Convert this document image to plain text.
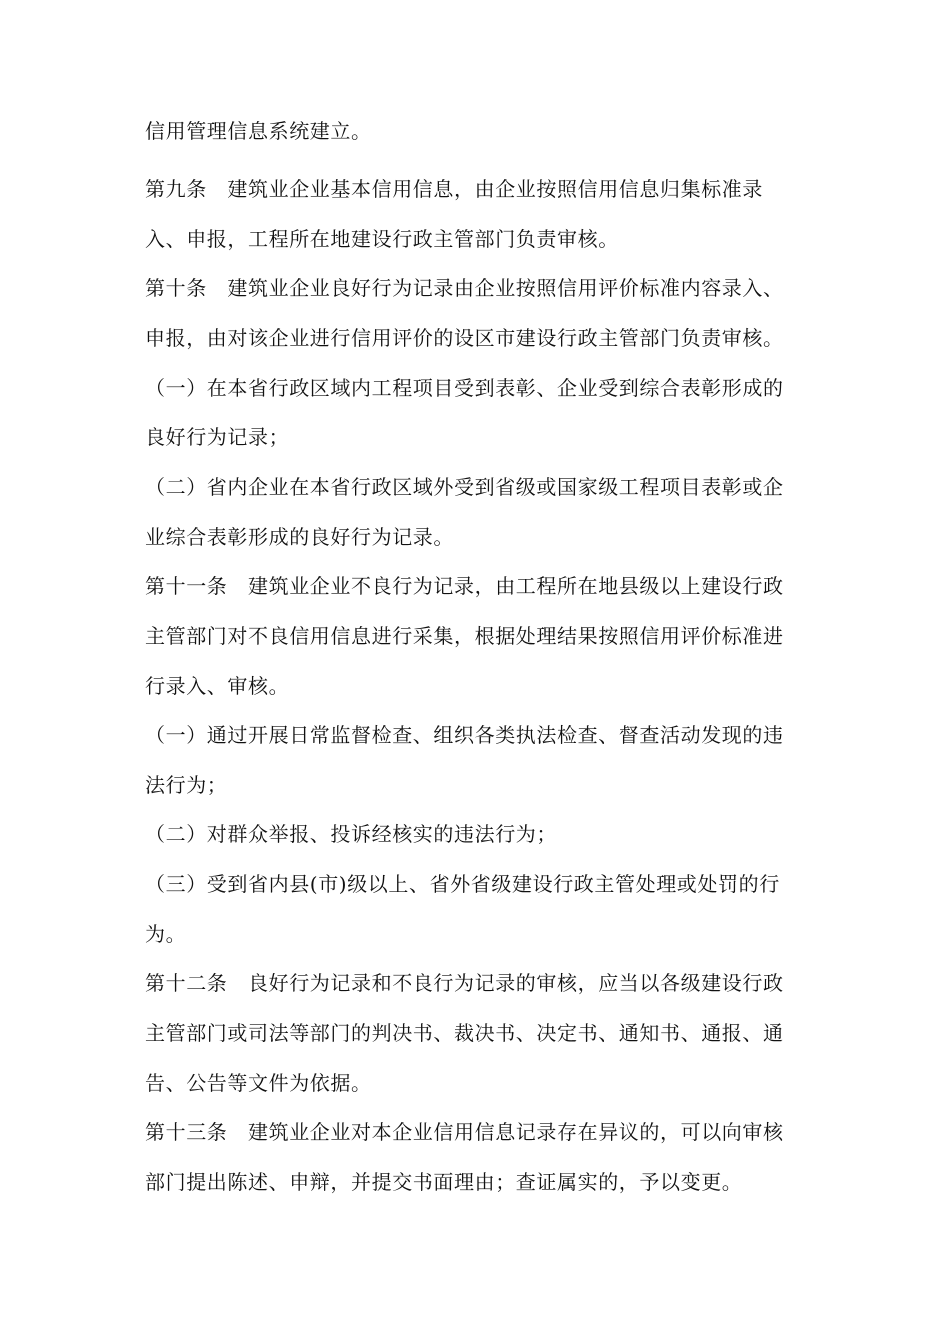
信用管理信息系统建立。

第九条　建筑业企业基本信用信息，由企业按照信用信息归集标准录

入、申报，工程所在地建设行政主管部门负责审核。

第十条　建筑业企业良好行为记录由企业按照信用评价标准内容录入、

申报，由对该企业进行信用评价的设区市建设行政主管部门负责审核。

（一）在本省行政区域内工程项目受到表彰、企业受到综合表彰形成的

良好行为记录；

（二）省内企业在本省行政区域外受到省级或国家级工程项目表彰或企

业综合表彰形成的良好行为记录。

第十一条　建筑业企业不良行为记录，由工程所在地县级以上建设行政

主管部门对不良信用信息进行采集，根据处理结果按照信用评价标准进

行录入、审核。

（一）通过开展日常监督检查、组织各类执法检查、督查活动发现的违

法行为；

（二）对群众举报、投诉经核实的违法行为；

（三）受到省内县(市)级以上、省外省级建设行政主管处理或处罚的行

为。

第十二条　良好行为记录和不良行为记录的审核，应当以各级建设行政

主管部门或司法等部门的判决书、裁决书、决定书、通知书、通报、通

告、公告等文件为依据。

第十三条　建筑业企业对本企业信用信息记录存在异议的，可以向审核

部门提出陈述、申辩，并提交书面理由；查证属实的，予以变更。
